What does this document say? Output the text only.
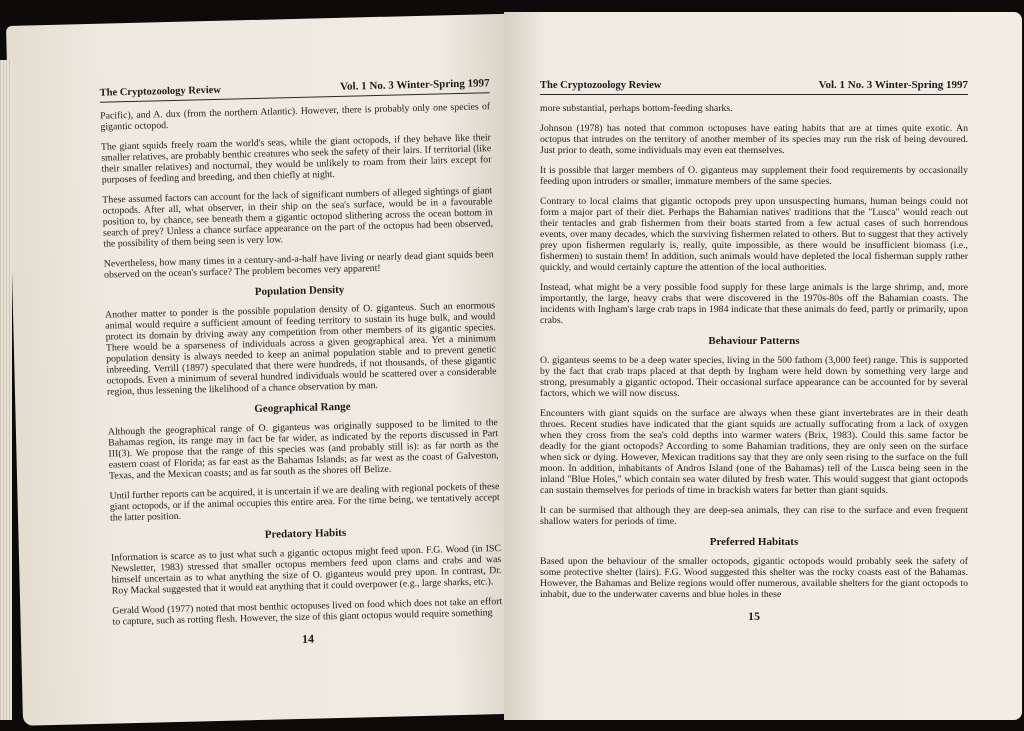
The Cryptozoology Review	Vol. 1 No. 3 Winter-Spring 1997

Pacific), and A. dux (from the northern Atlantic). However, there is probably only one species of gigantic octopod.

The giant squids freely roam the world's seas, while the giant octopods, if they behave like their smaller relatives, are probably benthic creatures who seek the safety of their lairs. If territorial (like their smaller relatives) and nocturnal, they would be unlikely to roam from their lairs except for purposes of feeding and breeding, and then chiefly at night.

These assumed factors can account for the lack of significant numbers of alleged sightings of giant octopods. After all, what observer, in their ship on the sea's surface, would be in a favourable position to, by chance, see beneath them a gigantic octopod slithering across the ocean bottom in search of prey? Unless a chance surface appearance on the part of the octopus had been observed, the possibility of them being seen is very low.

Nevertheless, how many times in a century-and-a-half have living or nearly dead giant squids been observed on the ocean's surface? The problem becomes very apparent!

Population Density

Another matter to ponder is the possible population density of O. giganteus. Such an enormous animal would require a sufficient amount of feeding territory to sustain its huge bulk, and would protect its domain by driving away any competition from other members of its gigantic species. There would be a sparseness of individuals across a given geographical area. Yet a minimum population density is always needed to keep an animal population stable and to prevent genetic inbreeding. Verrill (1897) speculated that there were hundreds, if not thousands, of these gigantic octopods. Even a minimum of several hundred individuals would be scattered over a considerable region, thus lessening the likelihood of a chance observation by man.

Geographical Range

Although the geographical range of O. giganteus was originally supposed to be limited to the Bahamas region, its range may in fact be far wider, as indicated by the reports discussed in Part III(3). We propose that the range of this species was (and probably still is): as far north as the eastern coast of Florida; as far east as the Bahamas Islands; as far west as the coast of Galveston, Texas, and the Mexican coasts; and as far south as the shores off Belize.

Until further reports can be acquired, it is uncertain if we are dealing with regional pockets of these giant octopods, or if the animal occupies this entire area. For the time being, we tentatively accept the latter position.

Predatory Habits

Information is scarce as to just what such a gigantic octopus might feed upon. F.G. Wood (in ISC Newsletter, 1983) stressed that smaller octopus members feed upon clams and crabs and was himself uncertain as to what anything the size of O. giganteus would prey upon. In contrast, Dr. Roy Mackal suggested that it would eat anything that it could overpower (e.g., large sharks, etc.).

Gerald Wood (1977) noted that most benthic octopuses lived on food which does not take an effort to capture, such as rotting flesh. However, the size of this giant octopus would require something

14
The Cryptozoology Review	Vol. 1 No. 3 Winter-Spring 1997

more substantial, perhaps bottom-feeding sharks.

Johnson (1978) has noted that common octopuses have eating habits that are at times quite exotic. An octopus that intrudes on the territory of another member of its species may run the risk of being devoured. Just prior to death, some individuals may even eat themselves.

It is possible that larger members of O. giganteus may supplement their food requirements by occasionally feeding upon intruders or smaller, immature members of the same species.

Contrary to local claims that gigantic octopods prey upon unsuspecting humans, human beings could not form a major part of their diet. Perhaps the Bahamian natives' traditions that the "Lusca" would reach out their tentacles and grab fishermen from their boats started from a few actual cases of such horrendous events, over many decades, which the surviving fishermen related to others. But to suggest that they actively prey upon fishermen regularly is, really, quite impossible, as there would be insufficient biomass (i.e., fishermen) to sustain them! In addition, such animals would have depleted the local fisherman supply rather quickly, and would certainly capture the attention of the local authorities.

Instead, what might be a very possible food supply for these large animals is the large shrimp, and, more importantly, the large, heavy crabs that were discovered in the 1970s-80s off the Bahamian coasts. The incidents with Ingham's large crab traps in 1984 indicate that these animals do feed, partly or primarily, upon crabs.

Behaviour Patterns

O. giganteus seems to be a deep water species, living in the 500 fathom (3,000 feet) range. This is supported by the fact that crab traps placed at that depth by Ingham were held down by something very large and strong, presumably a gigantic octopod. Their occasional surface appearance can be accounted for by several factors, which we will now discuss.

Encounters with giant squids on the surface are always when these giant invertebrates are in their death throes. Recent studies have indicated that the giant squids are actually suffocating from a lack of oxygen when they cross from the sea's cold depths into warmer waters (Brix, 1983). Could this same factor be deadly for the giant octopods? According to some Bahamian traditions, they are only seen on the surface when sick or dying. However, Mexican traditions say that they are only seen rising to the surface on the full moon. In addition, inhabitants of Andros Island (one of the Bahamas) tell of the Lusca being seen in the inland "Blue Holes," which contain sea water diluted by fresh water. This would suggest that giant octopods can sustain themselves for periods of time in brackish waters far better than giant squids.

It can be surmised that although they are deep-sea animals, they can rise to the surface and even frequent shallow waters for periods of time.

Preferred Habitats

Based upon the behaviour of the smaller octopods, gigantic octopods would probably seek the safety of some protective shelter (lairs). F.G. Wood suggested this shelter was the rocky coasts east of the Bahamas. However, the Bahamas and Belize regions would offer numerous, available shelters for the giant octopods to inhabit, due to the underwater caverns and blue holes in these

15
